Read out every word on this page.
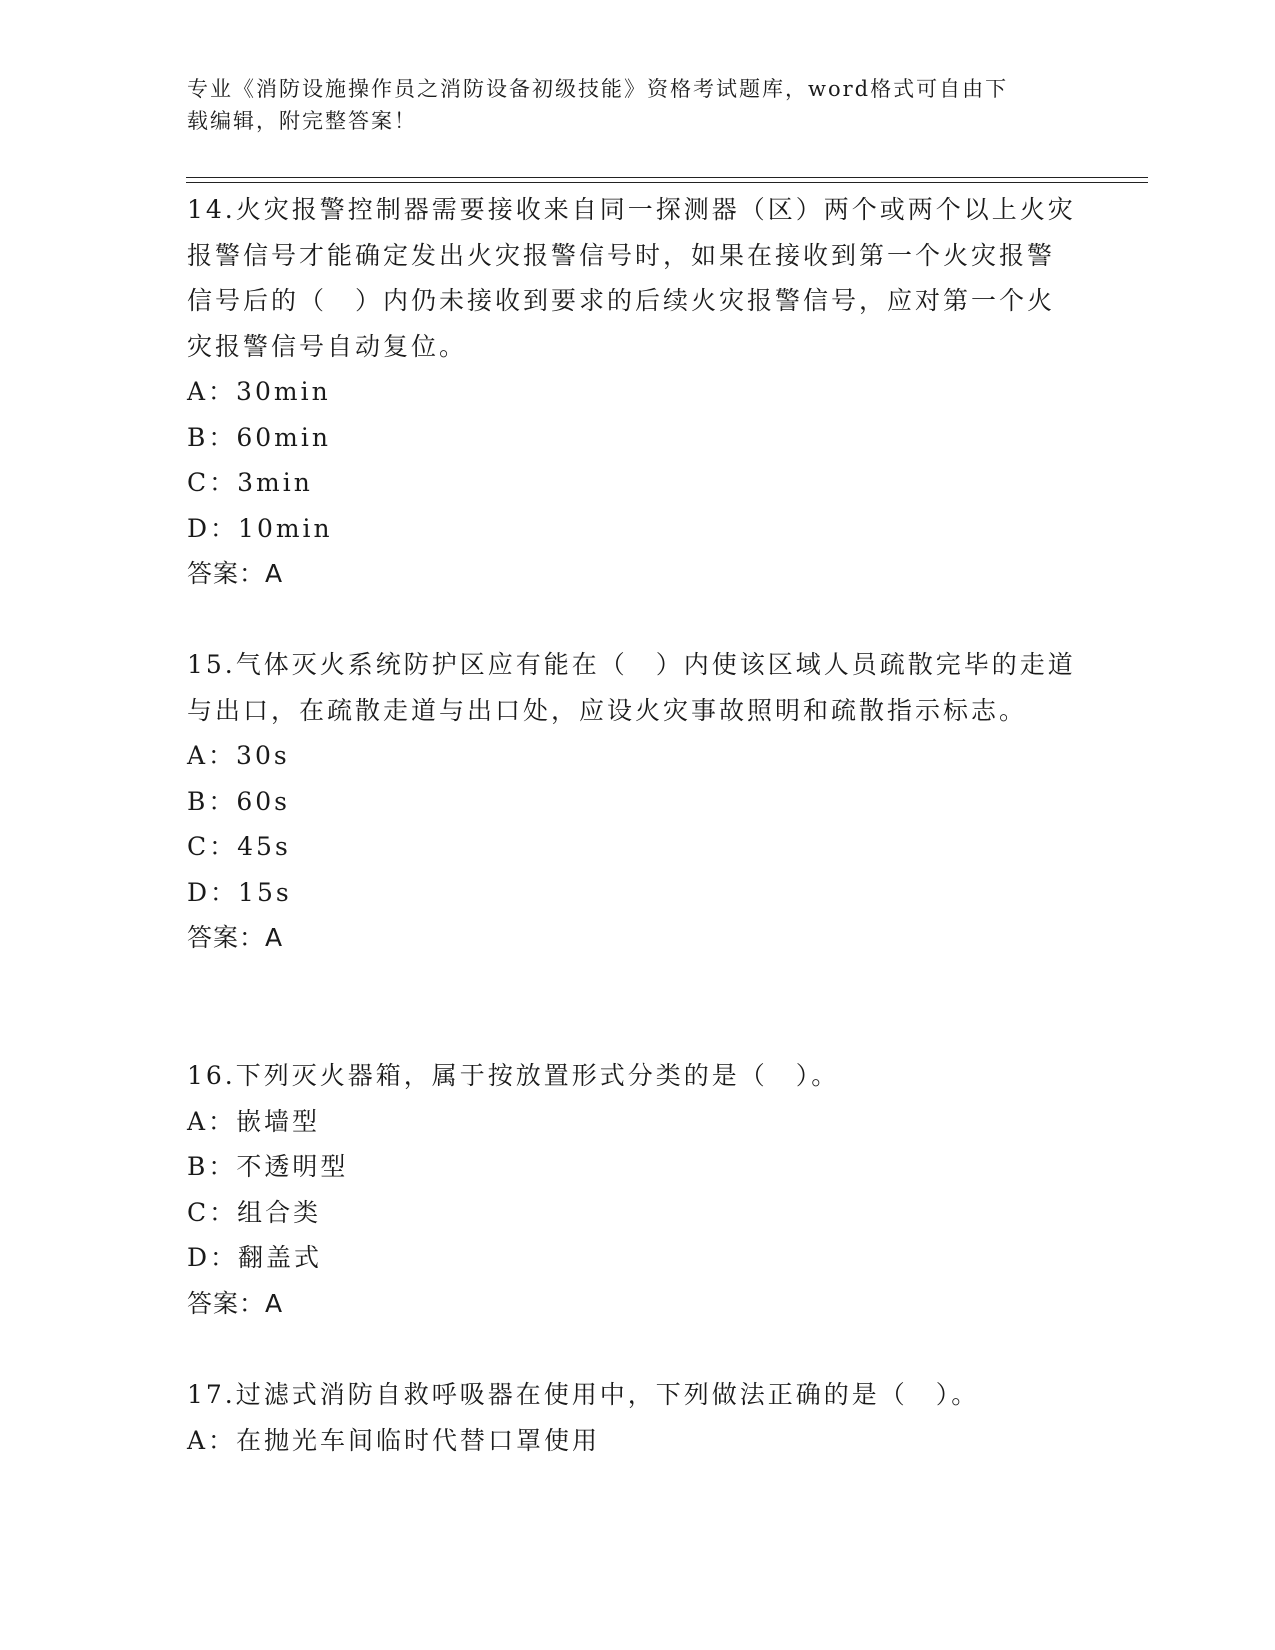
专业《消防设施操作员之消防设备初级技能》资格考试题库，word格式可自由下
载编辑，附完整答案！

14.火灾报警控制器需要接收来自同一探测器（区）两个或两个以上火灾报警信号才能确定发出火灾报警信号时，如果在接收到第一个火灾报警信号后的（　）内仍未接收到要求的后续火灾报警信号，应对第一个火灾报警信号自动复位。

A：30min

B：60min

C：3min

D：10min

答案：A

15.气体灭火系统防护区应有能在（　）内使该区域人员疏散完毕的走道与出口，在疏散走道与出口处，应设火灾事故照明和疏散指示标志。

A：30s

B：60s

C：45s

D：15s

答案：A

16.下列灭火器箱，属于按放置形式分类的是（　）。

A：嵌墙型

B：不透明型

C：组合类

D：翻盖式

答案：A

17.过滤式消防自救呼吸器在使用中，下列做法正确的是（　）。

A：在抛光车间临时代替口罩使用
